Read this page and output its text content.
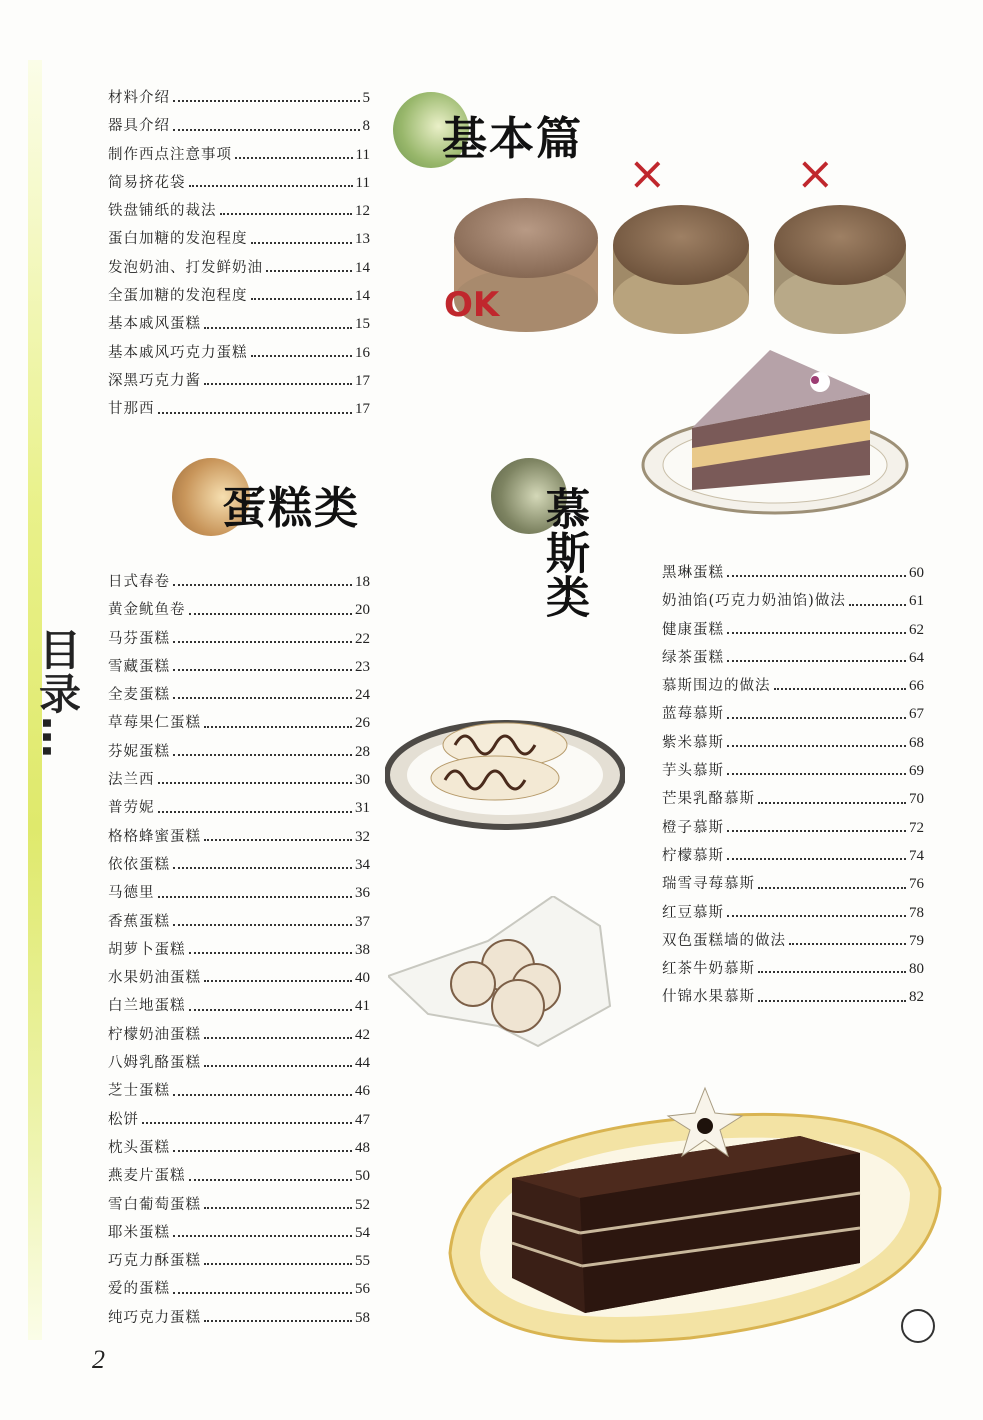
目录…
基本篇
材料介绍	5
器具介绍	8
制作西点注意事项	11
简易挤花袋	11
铁盘铺纸的裁法	12
蛋白加糖的发泡程度	13
发泡奶油、打发鲜奶油	14
全蛋加糖的发泡程度	14
基本戚风蛋糕	15
基本戚风巧克力蛋糕	16
深黑巧克力酱	17
甘那西	17
蛋糕类
日式春卷	18
黄金鱿鱼卷	20
马芬蛋糕	22
雪藏蛋糕	23
全麦蛋糕	24
草莓果仁蛋糕	26
芬妮蛋糕	28
法兰西	30
普劳妮	31
格格蜂蜜蛋糕	32
依依蛋糕	34
马德里	36
香蕉蛋糕	37
胡萝卜蛋糕	38
水果奶油蛋糕	40
白兰地蛋糕	41
柠檬奶油蛋糕	42
八姆乳酪蛋糕	44
芝士蛋糕	46
松饼	47
枕头蛋糕	48
燕麦片蛋糕	50
雪白葡萄蛋糕	52
耶米蛋糕	54
巧克力酥蛋糕	55
爱的蛋糕	56
纯巧克力蛋糕	58
慕斯类	黑琳蛋糕	60
奶油馅(巧克力奶油馅)做法	61
健康蛋糕	62
绿茶蛋糕	64
慕斯围边的做法	66
蓝莓慕斯	67
紫米慕斯	68
芋头慕斯	69
芒果乳酪慕斯	70
橙子慕斯	72
柠檬慕斯	74
瑞雪寻莓慕斯	76
红豆慕斯	78
双色蛋糕墙的做法	79
红茶牛奶慕斯	80
什锦水果慕斯	82
OK
×	×
2
